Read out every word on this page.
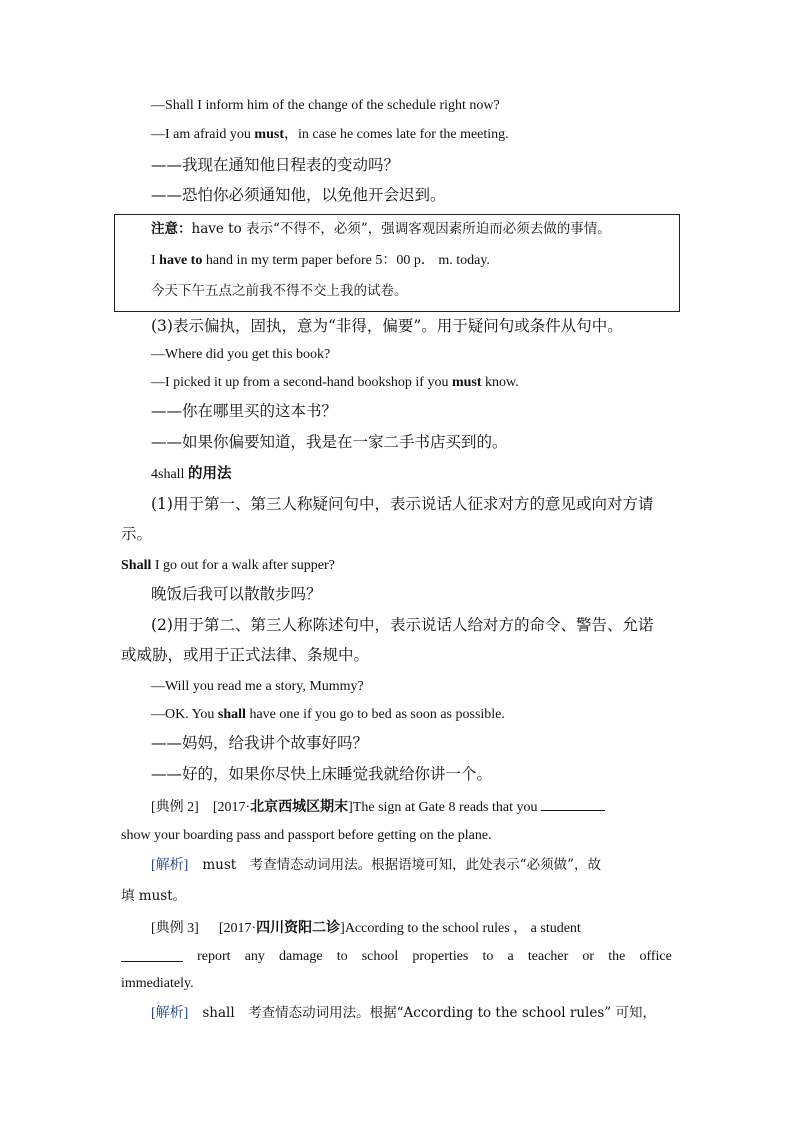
—Shall I inform him of the change of the schedule right now?
—I am afraid you must，in case he comes late for the meeting.
——我现在通知他日程表的变动吗？
——恐怕你必须通知他，以免他开会迟到。
注意：have to 表示“不得不，必须”，强调客观因素所迫而必须去做的事情。
I have to hand in my term paper before 5：00 p． m. today.
今天下午五点之前我不得不交上我的试卷。
(3)表示偏执，固执，意为“非得，偏要”。用于疑问句或条件从句中。
—Where did you get this book?
—I picked it up from a second-hand bookshop if you must know.
——你在哪里买的这本书？
——如果你偏要知道，我是在一家二手书店买到的。
4shall 的用法
(1)用于第一、第三人称疑问句中，表示说话人征求对方的意见或向对方请
示。
Shall I go out for a walk after supper?
晚饭后我可以散散步吗？
(2)用于第二、第三人称陈述句中，表示说话人给对方的命令、警告、允诺
或威胁，或用于正式法律、条规中。
—Will you read me a story, Mummy?
—OK. You shall have one if you go to bed as soon as possible.
——妈妈，给我讲个故事好吗？
——好的，如果你尽快上床睡觉我就给你讲一个。
[典例 2]　[2017·北京西城区期末]The sign at Gate 8 reads that you
show your boarding pass and passport before getting on the plane.
[解析] must　考查情态动词用法。根据语境可知，此处表示“必须做”，故
填 must。
[典例 3] [2017·四川资阳二诊]According to the school rules ， a student
report any damage to school properties to a teacher or the office
immediately.
[解析] shall　考查情态动词用法。根据“According to the school rules” 可知，
